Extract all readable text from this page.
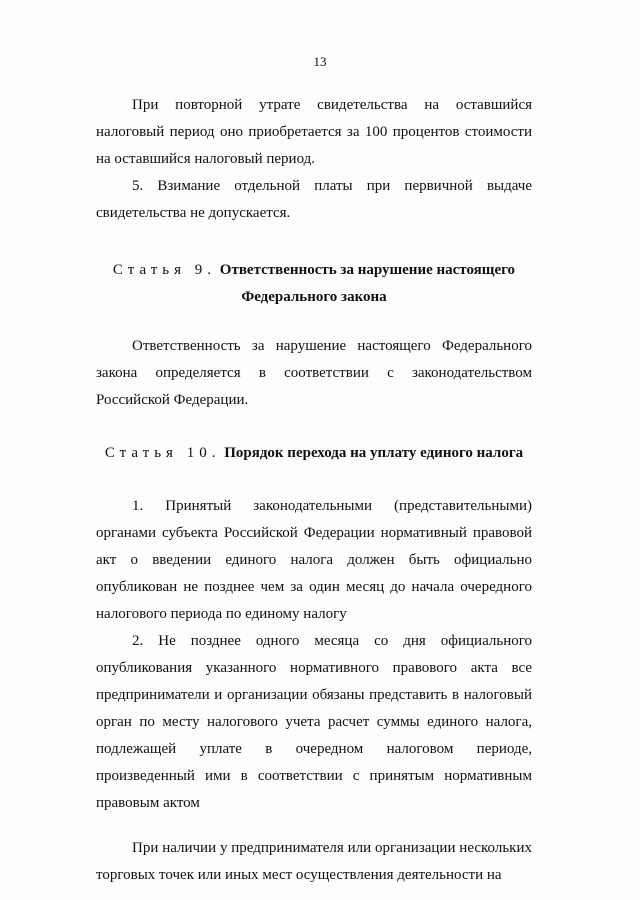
13

При повторной утрате свидетельства на оставшийся налоговый период оно приобретается за 100 процентов стоимости на оставшийся налоговый период.

5. Взимание отдельной платы при первичной выдаче свидетельства не допускается.

Статья 9. Ответственность за нарушение настоящего Федерального закона

Ответственность за нарушение настоящего Федерального закона определяется в соответствии с законодательством Российской Федерации.

Статья 10. Порядок перехода на уплату единого налога

1. Принятый законодательными (представительными) органами субъекта Российской Федерации нормативный правовой акт о введении единого налога должен быть официально опубликован не позднее чем за один месяц до начала очередного налогового периода по единому налогу

2. Не позднее одного месяца со дня официального опубликования указанного нормативного правового акта все предприниматели и организации обязаны представить в налоговый орган по месту налогового учета расчет суммы единого налога, подлежащей уплате в очередном налоговом периоде, произведенный ими в соответствии с принятым нормативным правовым актом

При наличии у предпринимателя или организации нескольких торговых точек или иных мест осуществления деятельности на
